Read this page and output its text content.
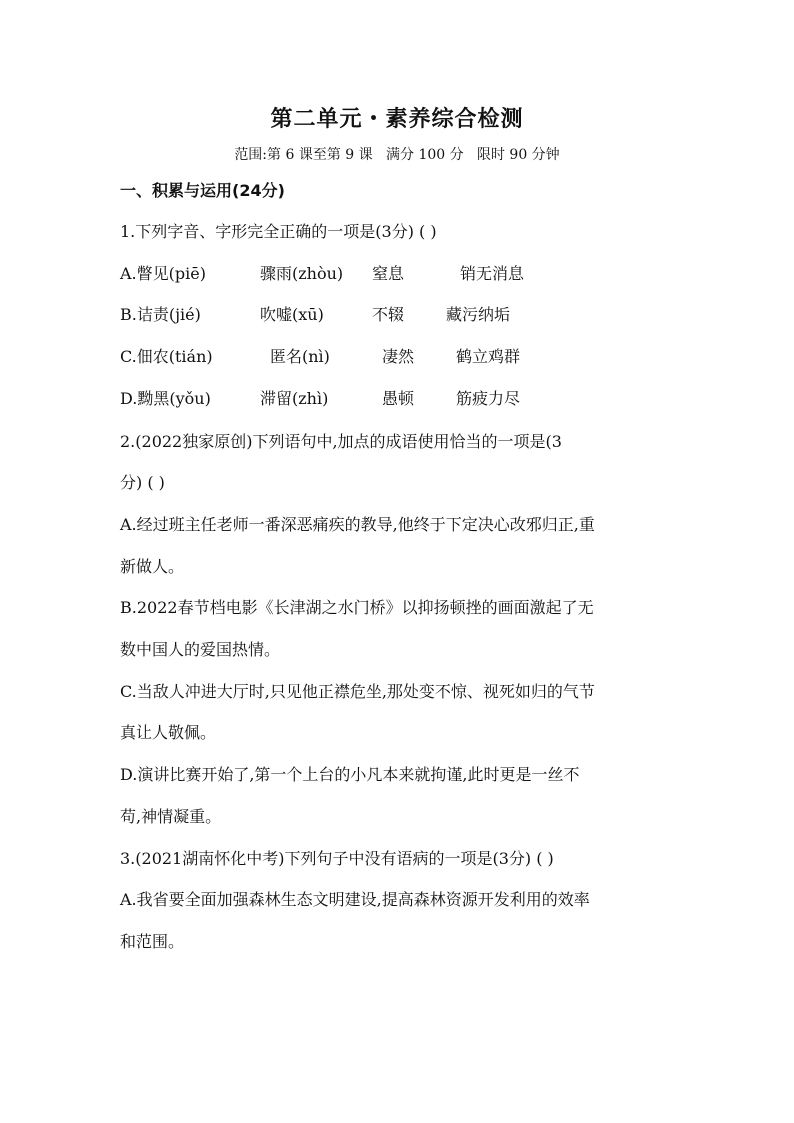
第二单元・素养综合检测
范围:第 6 课至第 9 课   满分 100 分   限时 90 分钟
一、积累与运用(24分)
1.下列字音、字形完全正确的一项是(3分) ( )
A.瞥见(piē)	骤雨(zhòu) 窒息	销无消息
B.诘责(jié)	吹嘘(xū)	不辍	藏污纳垢
C.佃农(tián)	匿名(nì)	凄然	鹤立鸡群
D.黝黑(yǒu)	滞留(zhì)	愚顿	筋疲力尽
2.(2022独家原创)下列语句中,加点的成语使用恰当的一项是(3
分) ( )
A.经过班主任老师一番深恶痛疾的教导,他终于下定决心改邪归正,重
新做人。
B.2022春节档电影《长津湖之水门桥》以抑扬顿挫的画面激起了无
数中国人的爱国热情。
C.当敌人冲进大厅时,只见他正襟危坐,那处变不惊、视死如归的气节
真让人敬佩。
D.演讲比赛开始了,第一个上台的小凡本来就拘谨,此时更是一丝不
苟,神情凝重。
3.(2021湖南怀化中考)下列句子中没有语病的一项是(3分) ( )
A.我省要全面加强森林生态文明建设,提高森林资源开发利用的效率
和范围。
